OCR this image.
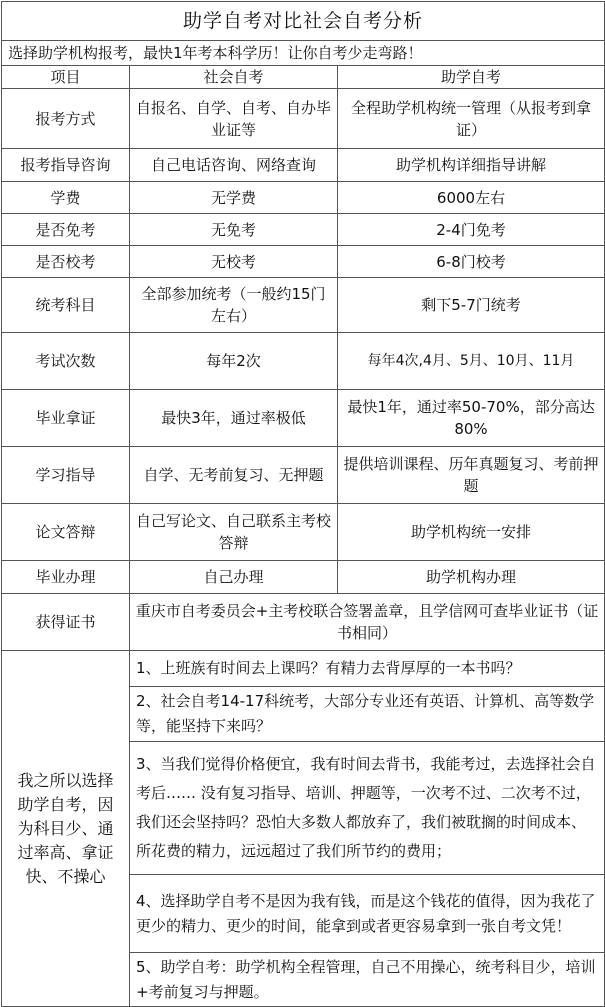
助学自考对比社会自考分析		
选择助学机构报考，最快1年考本科学历！让你自考少走弯路！		
项目	社会自考	助学自考
报考方式	自报名、自学、自考、自办毕业证等	全程助学机构统一管理（从报考到拿证）
报考指导咨询	自己电话咨询、网络查询	助学机构详细指导讲解
学费	无学费	6000左右
是否免考	无免考	2-4门免考
是否校考	无校考	6-8门校考
统考科目	全部参加统考（一般约15门左右）	剩下5-7门统考
考试次数	每年2次	每年4次,4月、5月、10月、11月
毕业拿证	最快3年，通过率极低	最快1年，通过率50-70%，部分高达80%
学习指导	自学、无考前复习、无押题	提供培训课程、历年真题复习、考前押题
论文答辩	自己写论文、自己联系主考校答辩	助学机构统一安排
毕业办理	自己办理	助学机构办理
获得证书	重庆市自考委员会+主考校联合签署盖章，且学信网可查毕业证书（证书相同）	
我之所以选择助学自考，因为科目少、通过率高、拿证快、不操心	1、上班族有时间去上课吗？有精力去背厚厚的一本书吗？	
	2、社会自考14-17科统考，大部分专业还有英语、计算机、高等数学等，能坚持下来吗？	
	3、当我们觉得价格便宜，我有时间去背书，我能考过，去选择社会自考后…… 没有复习指导、培训、押题等，一次考不过、二次考不过，我们还会坚持吗？恐怕大多数人都放弃了，我们被耽搁的时间成本、所花费的精力，远远超过了我们所节约的费用；	
	4、选择助学自考不是因为我有钱，而是这个钱花的值得，因为我花了更少的精力、更少的时间，能拿到或者更容易拿到一张自考文凭！	
	5、助学自考：助学机构全程管理，自己不用操心，统考科目少，培训+考前复习与押题。	
